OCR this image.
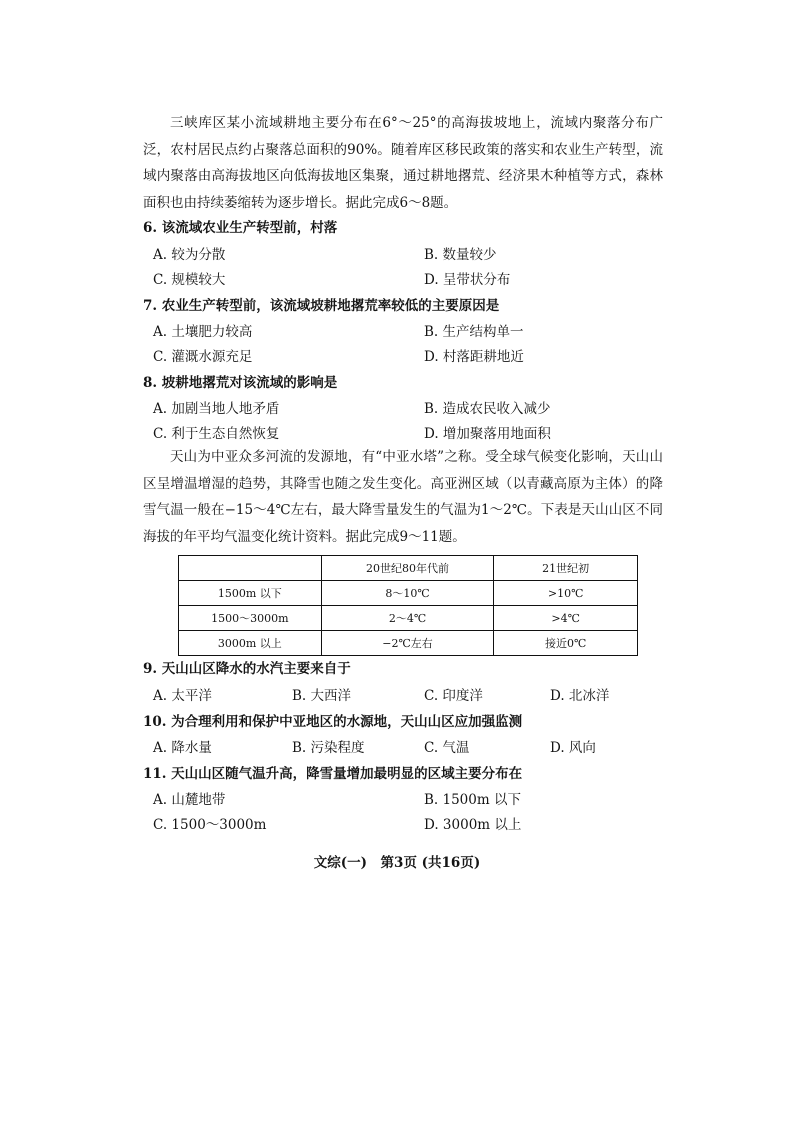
三峡库区某小流域耕地主要分布在6°～25°的高海拔坡地上，流域内聚落分布广泛，农村居民点约占聚落总面积的90%。随着库区移民政策的落实和农业生产转型，流域内聚落由高海拔地区向低海拔地区集聚，通过耕地撂荒、经济果木种植等方式，森林面积也由持续萎缩转为逐步增长。据此完成6～8题。

6. 该流域农业生产转型前，村落
A. 较为分散	B. 数量较少
C. 规模较大	D. 呈带状分布
7. 农业生产转型前，该流域坡耕地撂荒率较低的主要原因是
A. 土壤肥力较高	B. 生产结构单一
C. 灌溉水源充足	D. 村落距耕地近
8. 坡耕地撂荒对该流域的影响是
A. 加剧当地人地矛盾	B. 造成农民收入减少
C. 利于生态自然恢复	D. 增加聚落用地面积

天山为中亚众多河流的发源地，有“中亚水塔”之称。受全球气候变化影响，天山山区呈增温增湿的趋势，其降雪也随之发生变化。高亚洲区域（以青藏高原为主体）的降雪气温一般在−15～4℃左右，最大降雪量发生的气温为1～2℃。下表是天山山区不同海拔的年平均气温变化统计资料。据此完成9～11题。

	20世纪80年代前	21世纪初
1500m 以下	8～10℃	>10℃
1500～3000m	2～4℃	>4℃
3000m 以上	−2℃左右	接近0℃
9. 天山山区降水的水汽主要来自于
A. 太平洋	B. 大西洋	C. 印度洋	D. 北冰洋
10. 为合理利用和保护中亚地区的水源地，天山山区应加强监测
A. 降水量	B. 污染程度	C. 气温	D. 风向
11. 天山山区随气温升高，降雪量增加最明显的区域主要分布在
A. 山麓地带	B. 1500m 以下
C. 1500～3000m	D. 3000m 以上
文综(一)　第3页 (共16页)
